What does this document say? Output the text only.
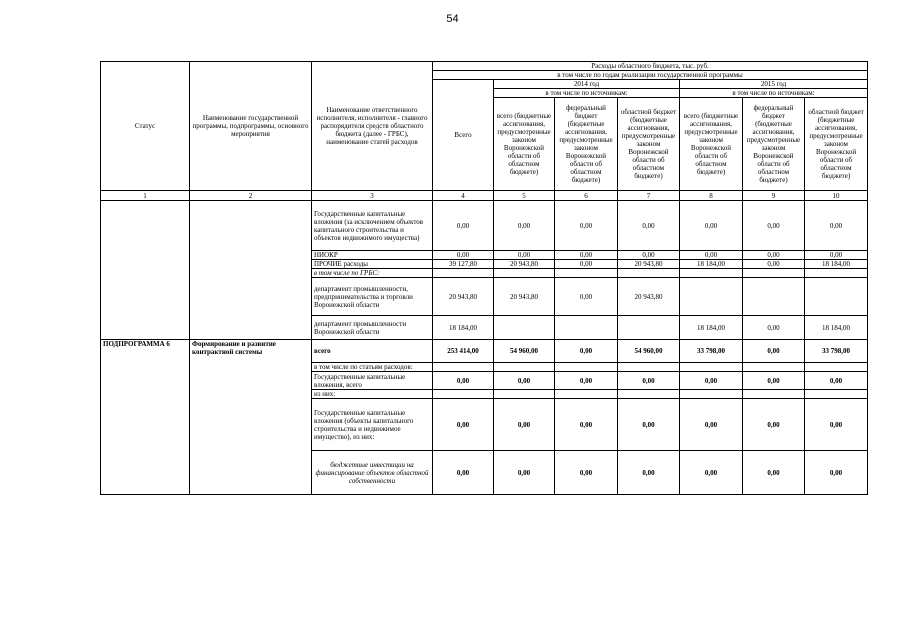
54
Статус	Наименование государственной программы, подпрограммы, основного мероприятия	Наименование ответственного исполнителя, исполнителя - главного распорядителя средств областного бюджета (далее - ГРБС), наименование статей расходов	Расходы областного бюджета, тыс. руб.						
			в том числе по годам реализации государственной программы						
			Всего	2014 год			2015 год		
				в том числе по источникам:			в том числе по источникам:		
				всего (бюджетные ассигнования, предусмотренные законом Воронежской области об областном бюджете)	федеральный бюджет (бюджетные ассигнования, предусмотренные законом Воронежской области об областном бюджете)	областной бюджет (бюджетные ассигнования, предусмотренные законом Воронежской области об областном бюджете)	всего (бюджетные ассигнования, предусмотренные законом Воронежской области об областном бюджете)	федеральный бюджет (бюджетные ассигнования, предусмотренные законом Воронежской области об областном бюджете)	областной бюджет (бюджетные ассигнования, предусмотренные законом Воронежской области об областном бюджете)
1	2	3	4	5	6	7	8	9	10
		Государственные капитальные вложения (за исключением объектов капитального строительства и объектов недвижимого имущества)	0,00	0,00	0,00	0,00	0,00	0,00	0,00
		НИОКР	0,00	0,00	0,00	0,00	0,00	0,00	0,00
		ПРОЧИЕ расходы	39 127,80	20 943,80	0,00	20 943,80	18 184,00	0,00	18 184,00
		в том числе по ГРБС:							
		департамент промышленности, предпринимательства и торговли Воронежской области	20 943,80	20 943,80	0,00	20 943,80			
		департамент промышленности Воронежской области	18 184,00				18 184,00	0,00	18 184,00
ПОДПРОГРАММА 6	Формирование и развитие контрактной системы	всего	253 414,00	54 960,00	0,00	54 960,00	33 798,00	0,00	33 798,00
		в том числе по статьям расходов:							
		Государственные капитальные вложения, всего	0,00	0,00	0,00	0,00	0,00	0,00	0,00
		из них:							
		Государственные капитальные вложения (объекты капитального строительства и недвижимое имущество), из них:	0,00	0,00	0,00	0,00	0,00	0,00	0,00
		бюджетные инвестиции на финансирование объектов областной собственности	0,00	0,00	0,00	0,00	0,00	0,00	0,00
